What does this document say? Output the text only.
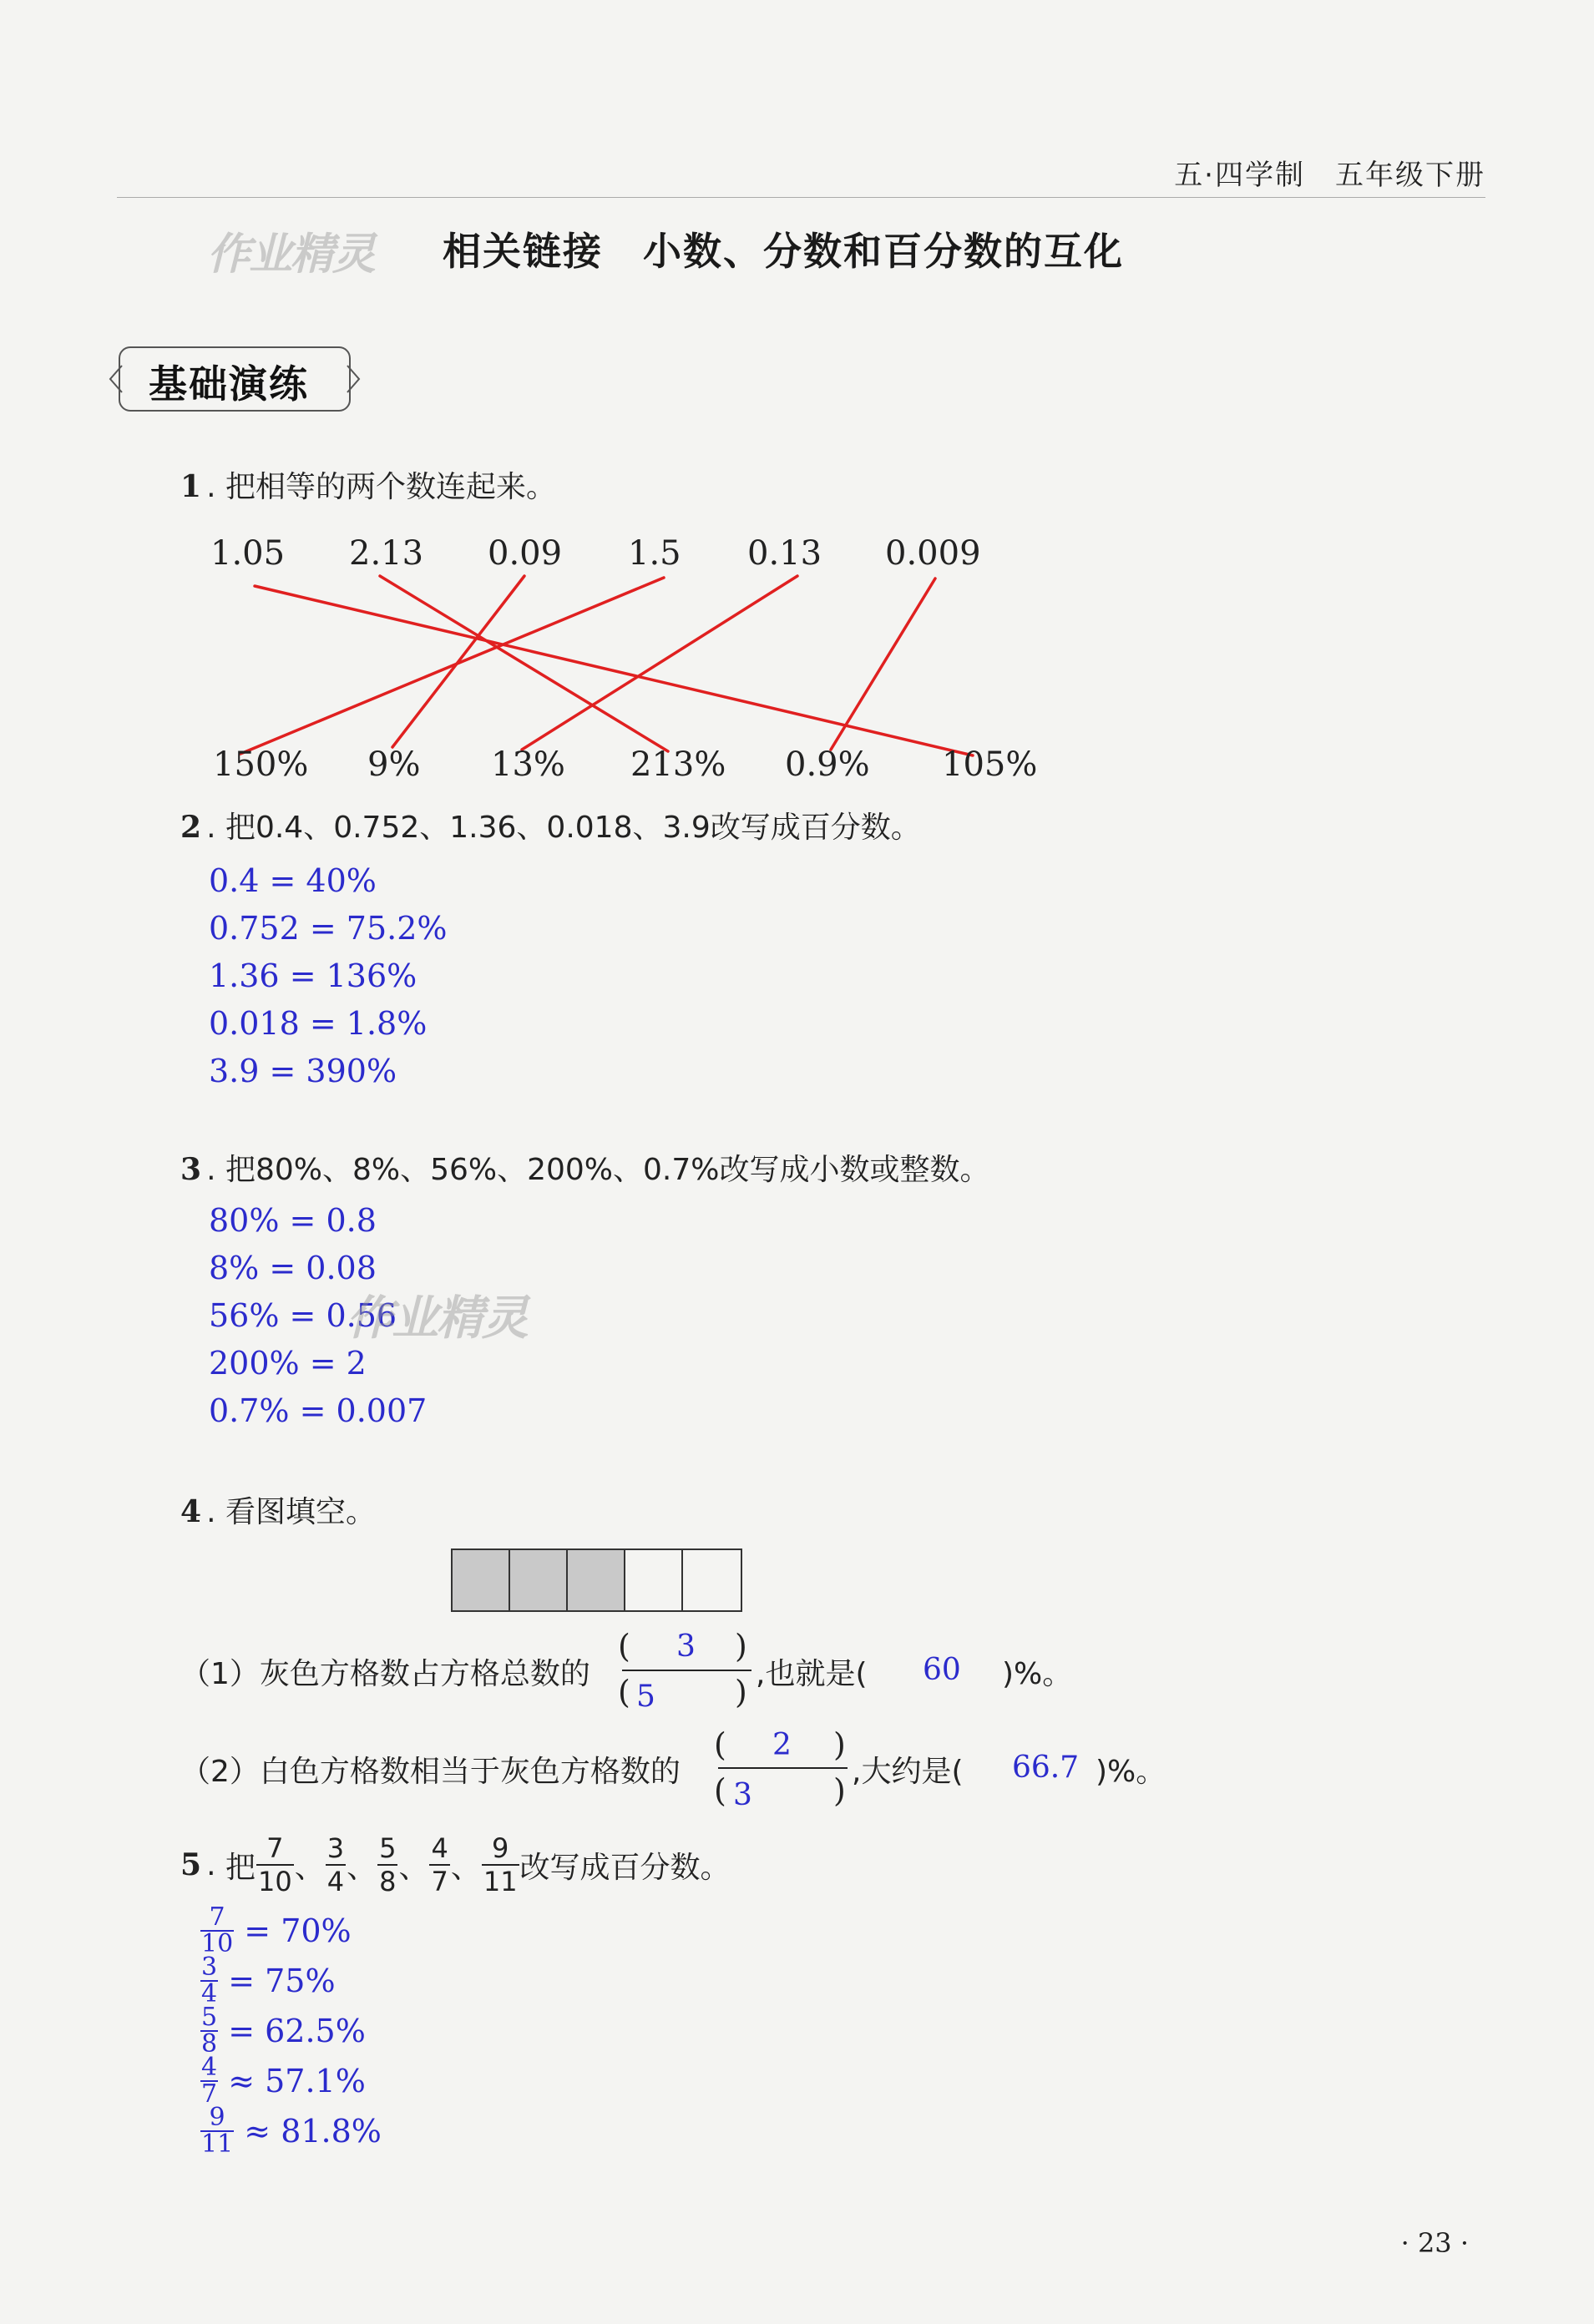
五·四学制　五年级下册
作业精灵 相关链接　小数、分数和百分数的互化
基础演练
1 . 把相等的两个数连起来。
1.05 2.13 0.09 1.5 0.13 0.009
150% 9% 13% 213% 0.9% 105%
2 . 把0.4、0.752、1.36、0.018、3.9改写成百分数。
0.4 = 40%
0.752 = 75.2%
1.36 = 136%
0.018 = 1.8%
3.9 = 390%
3 . 把80%、8%、56%、200%、0.7%改写成小数或整数。
80% = 0.8
8% = 0.08
56% = 0.56
200% = 2
0.7% = 0.007
作业精灵
4 . 看图填空。
（1）灰色方格数占方格总数的
( 3 )
( 5	) ,也就是( 60 )%。
（2）白色方格数相当于灰色方格数的
( 2 )
( 3	)
,大约是( 66.7 )%。
5 . 把
7
10 、
3
4 、
5
8 、
4
7 、
9
11 改写成百分数。
$\frac{7}{10}$
= 70%
$\frac{3}{4}$
= 75%
$\frac{5}{8}$
= 62.5%
$\frac{4}{7}$
≈ 57.1%
$\frac{9}{11}$
≈ 81.8%
· 23 ·
